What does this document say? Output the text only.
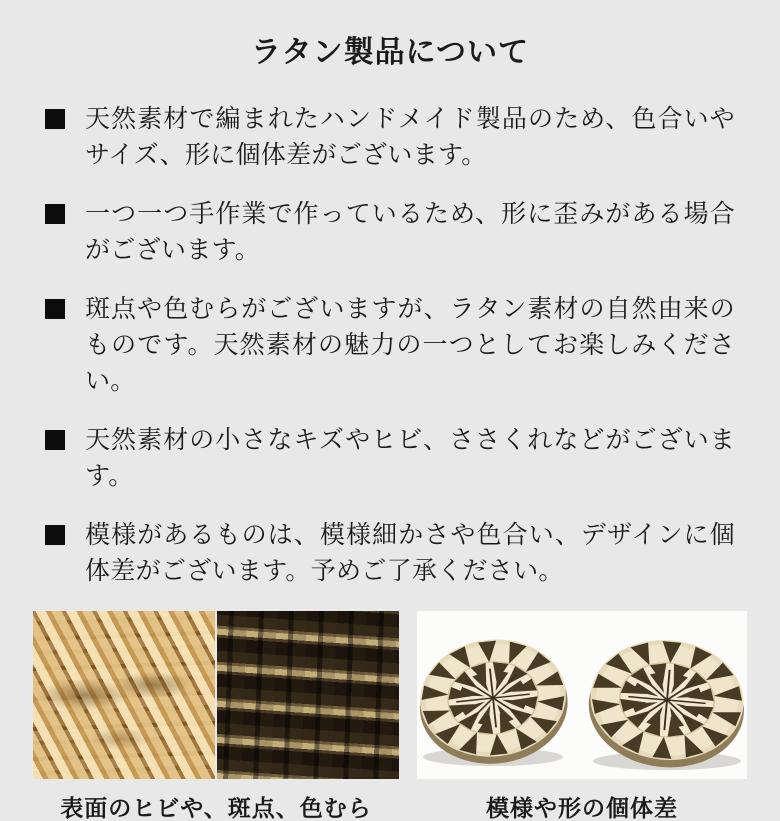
ラタン製品について
天然素材で編まれたハンドメイド製品のため、色合いやサイズ、形に個体差がございます。
一つ一つ手作業で作っているため、形に歪みがある場合がございます。
斑点や色むらがございますが、ラタン素材の自然由来のものです。天然素材の魅力の一つとしてお楽しみください。
天然素材の小さなキズやヒビ、ささくれなどがございます。
模様があるものは、模様細かさや色合い、デザインに個体差がございます。予めご了承ください。
表面のヒビや、斑点、色むら	模様や形の個体差
